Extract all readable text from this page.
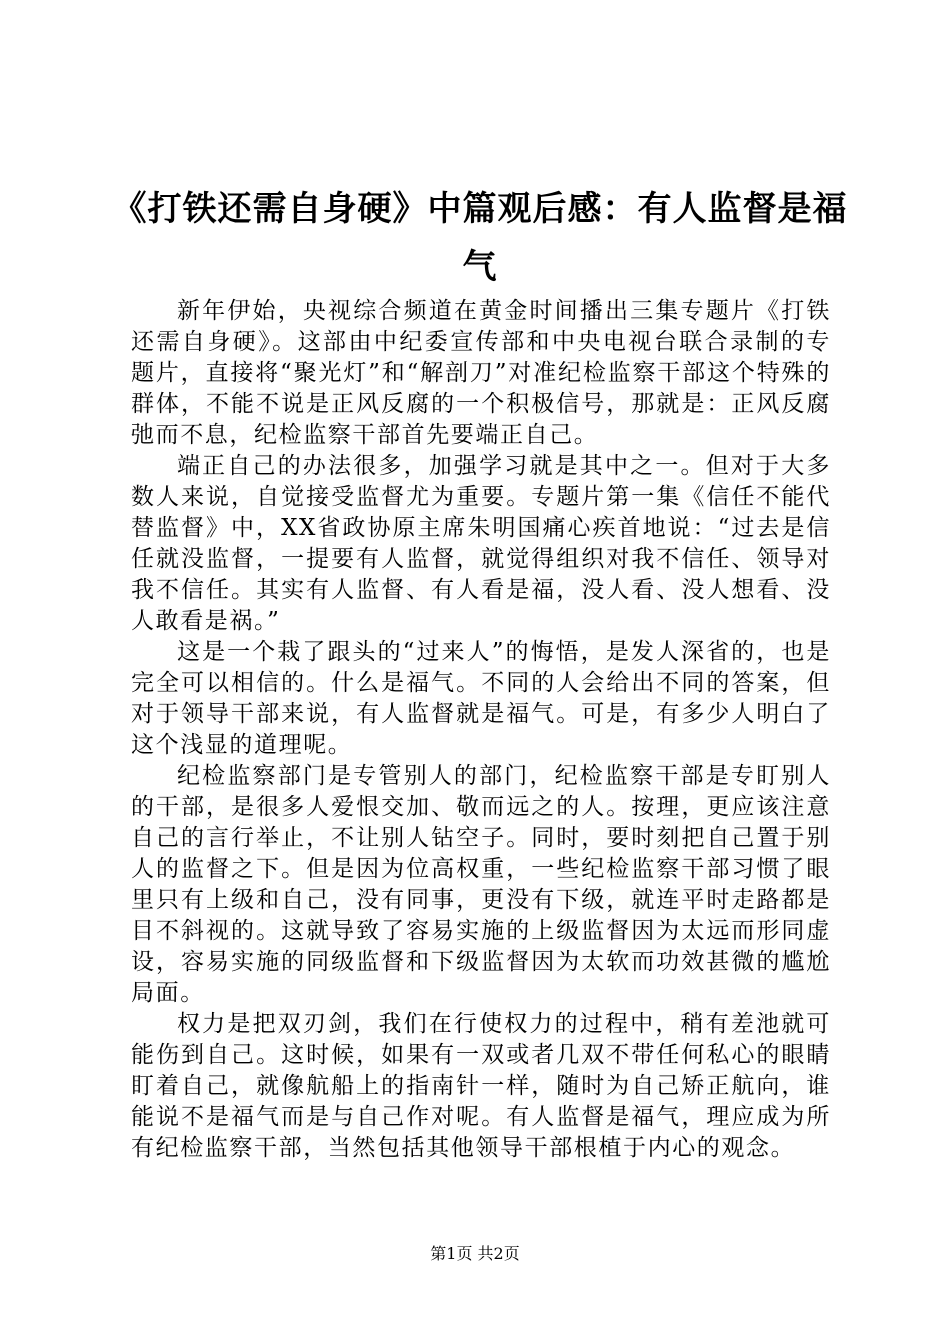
《打铁还需自身硬》中篇观后感：有人监督是福气

新年伊始，央视综合频道在黄金时间播出三集专题片《打铁还需自身硬》。这部由中纪委宣传部和中央电视台联合录制的专题片，直接将“聚光灯”和“解剖刀”对准纪检监察干部这个特殊的群体，不能不说是正风反腐的一个积极信号，那就是：正风反腐弛而不息，纪检监察干部首先要端正自己。

端正自己的办法很多，加强学习就是其中之一。但对于大多数人来说，自觉接受监督尤为重要。专题片第一集《信任不能代替监督》中，XX省政协原主席朱明国痛心疾首地说：“过去是信任就没监督，一提要有人监督，就觉得组织对我不信任、领导对我不信任。其实有人监督、有人看是福，没人看、没人想看、没人敢看是祸。”

这是一个栽了跟头的“过来人”的悔悟，是发人深省的，也是完全可以相信的。什么是福气。不同的人会给出不同的答案，但对于领导干部来说，有人监督就是福气。可是，有多少人明白了这个浅显的道理呢。

纪检监察部门是专管别人的部门，纪检监察干部是专盯别人的干部，是很多人爱恨交加、敬而远之的人。按理，更应该注意自己的言行举止，不让别人钻空子。同时，要时刻把自己置于别人的监督之下。但是因为位高权重，一些纪检监察干部习惯了眼里只有上级和自己，没有同事，更没有下级，就连平时走路都是目不斜视的。这就导致了容易实施的上级监督因为太远而形同虚设，容易实施的同级监督和下级监督因为太软而功效甚微的尴尬局面。

权力是把双刃剑，我们在行使权力的过程中，稍有差池就可能伤到自己。这时候，如果有一双或者几双不带任何私心的眼睛盯着自己，就像航船上的指南针一样，随时为自己矫正航向，谁能说不是福气而是与自己作对呢。有人监督是福气，理应成为所有纪检监察干部，当然包括其他领导干部根植于内心的观念。

第1页 共2页
